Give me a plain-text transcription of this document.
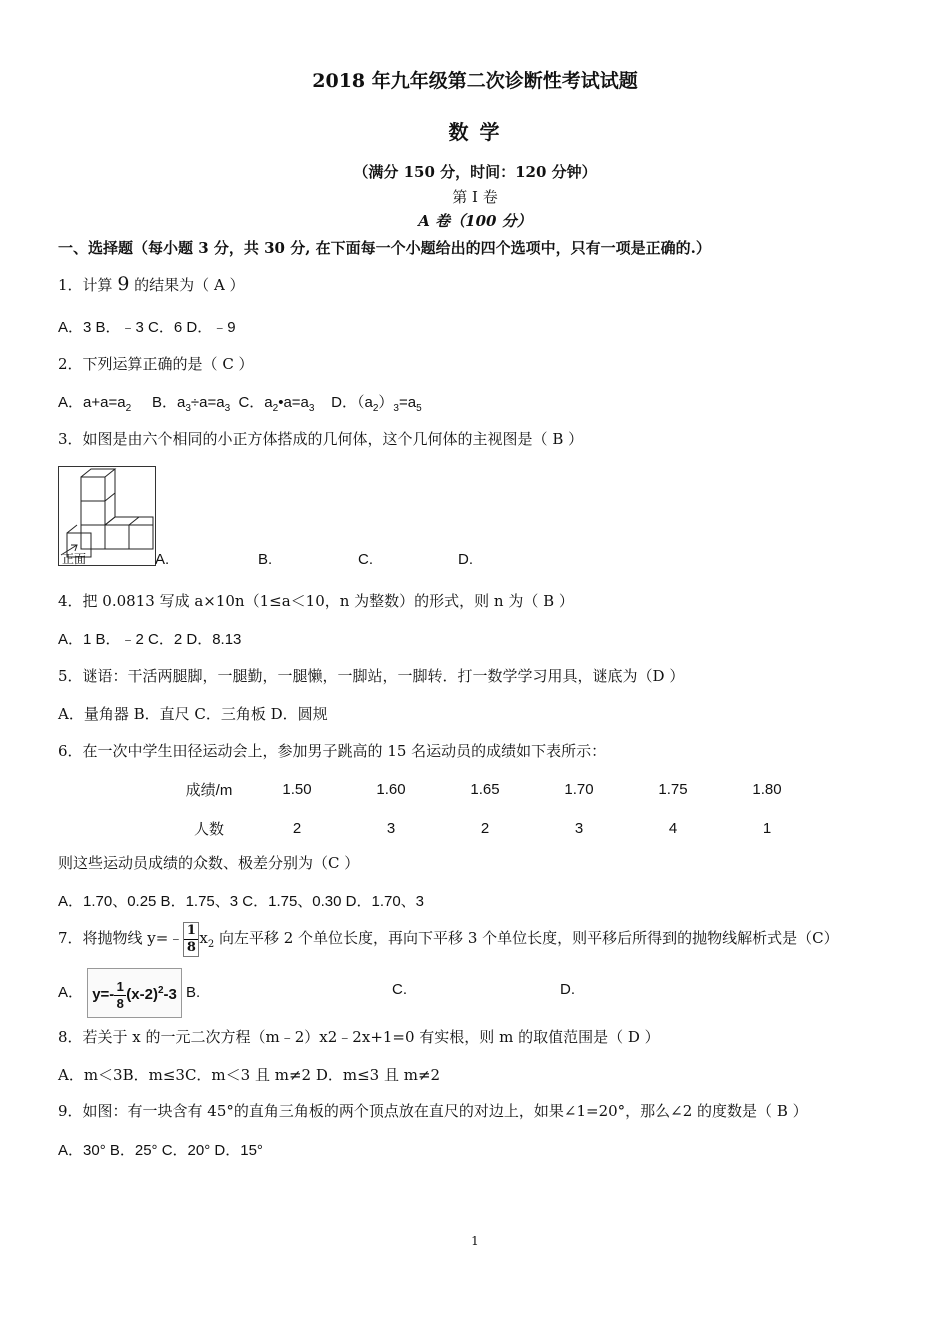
2018 年九年级第二次诊断性考试试题
数 学
（满分 150 分，时间：120 分钟）
第 I 卷
A 卷（100 分）
一、选择题（每小题 3 分，共 30 分, 在下面每一个小题给出的四个选项中，只有一项是正确的.）
1．计算 9 的结果为（ A ）
A．3 B．﹣3 C．6 D．﹣9
2．下列运算正确的是（ C ）
A．$a+a=a_2$     B．$a_3\div a=a_3$  C．$a_2•a=a_3$    D．$(a_2)_3=a_5$
3．如图是由六个相同的小正方体搭成的几何体，这个几何体的主视图是（ B ）
正面	A.	B.	C.	D.
4．把 0.0813 写成 a×10n（1≤a＜10，n 为整数）的形式，则 n 为（ B ）
A．1 B．﹣2 C．2 D．8.13
5．谜语：干活两腿脚，一腿勤，一腿懒，一脚站，一脚转．打一数学学习用具，谜底为（D ）
A．量角器 B．直尺 C．三角板 D．圆规
6．在一次中学生田径运动会上，参加男子跳高的 15 名运动员的成绩如下表所示：
成绩/m	1.50	1.60	1.65	1.70	1.75	1.80
人数	2	3	2	3	4	1
则这些运动员成绩的众数、极差分别为（C ）
A．1.70、0.25 B．1.75、3 C．1.75、0.30 D．1.70、3
7．将抛物线 y=﹣ $\frac{1}{8} x_2$ 向左平移 2 个单位长度，再向下平移 3 个单位长度，则平移后所得到的抛物线解析式是（C）
A． $y=- \frac{1}{8} (x-2)^2-3$ B.	C.	D.
8．若关于 x 的一元二次方程（m﹣2）x2﹣2x+1=0 有实根，则 m 的取值范围是（ D ）
A．m＜3B．m≤3C．m＜3 且 m≠2 D．m≤3 且 m≠2
9．如图：有一块含有 45°的直角三角板的两个顶点放在直尺的对边上，如果∠1=20°，那么∠2 的度数是（ B ）
A．30° B．25° C．20° D．15°
1
